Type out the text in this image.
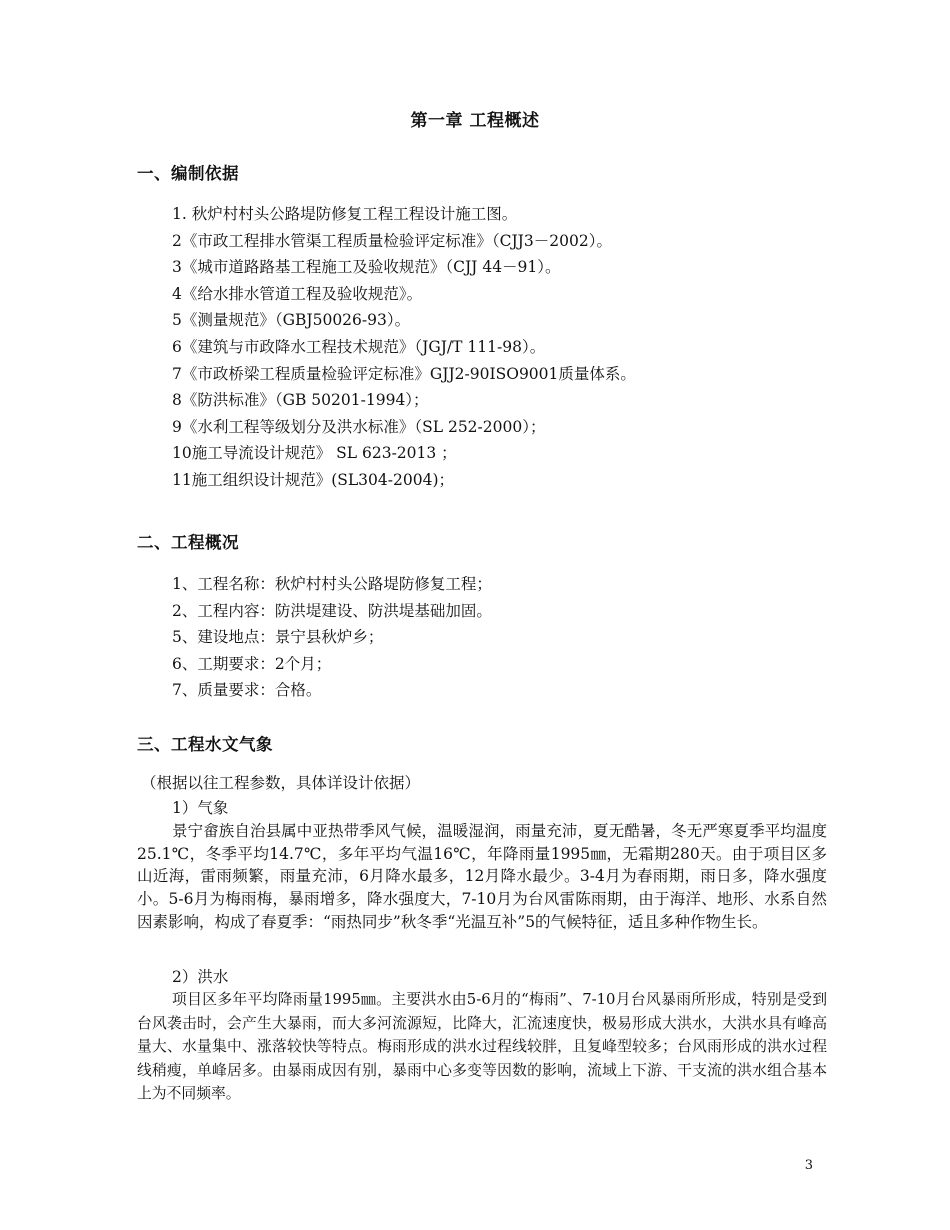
第一章 工程概述
一、编制依据
1. 秋炉村村头公路堤防修复工程工程设计施工图。
2《市政工程排水管渠工程质量检验评定标准》（CJJ3－2002）。
3《城市道路路基工程施工及验收规范》（CJJ 44－91）。
4《给水排水管道工程及验收规范》。
5《测量规范》（GBJ50026-93）。
6《建筑与市政降水工程技术规范》（JGJ/T 111-98）。
7《市政桥梁工程质量检验评定标准》GJJ2-90ISO9001质量体系。
8《防洪标准》（GB 50201-1994）；
9《水利工程等级划分及洪水标准》（SL 252-2000）；
10施工导流设计规范》 SL 623-2013 ；
11施工组织设计规范》(SL304-2004)；
二、工程概况
1、工程名称：秋炉村村头公路堤防修复工程；
2、工程内容：防洪堤建设、防洪堤基础加固。
5、建设地点：景宁县秋炉乡；
6、工期要求：2个月；
7、质量要求：合格。
三、工程水文气象
（根据以往工程参数，具体详设计依据）
1）气象

景宁畲族自治县属中亚热带季风气候，温暖湿润，雨量充沛，夏无酷暑，冬无严寒夏季平均温度25.1℃，冬季平均14.7℃，多年平均气温16℃，年降雨量1995㎜，无霜期280天。由于项目区多山近海，雷雨频繁，雨量充沛，6月降水最多，12月降水最少。3-4月为春雨期，雨日多，降水强度小。5-6月为梅雨梅，暴雨增多，降水强度大，7-10月为台风雷陈雨期，由于海洋、地形、水系自然因素影响，构成了春夏季：“雨热同步”秋冬季“光温互补”5的气候特征，适且多种作物生长。

2）洪水

项目区多年平均降雨量1995㎜。主要洪水由5-6月的“梅雨”、7-10月台风暴雨所形成，特别是受到台风袭击时，会产生大暴雨，而大多河流源短，比降大，汇流速度快，极易形成大洪水，大洪水具有峰高量大、水量集中、涨落较快等特点。梅雨形成的洪水过程线较胖，且复峰型较多；台风雨形成的洪水过程线稍瘦，单峰居多。由暴雨成因有别，暴雨中心多变等因数的影响，流域上下游、干支流的洪水组合基本上为不同频率。

3
